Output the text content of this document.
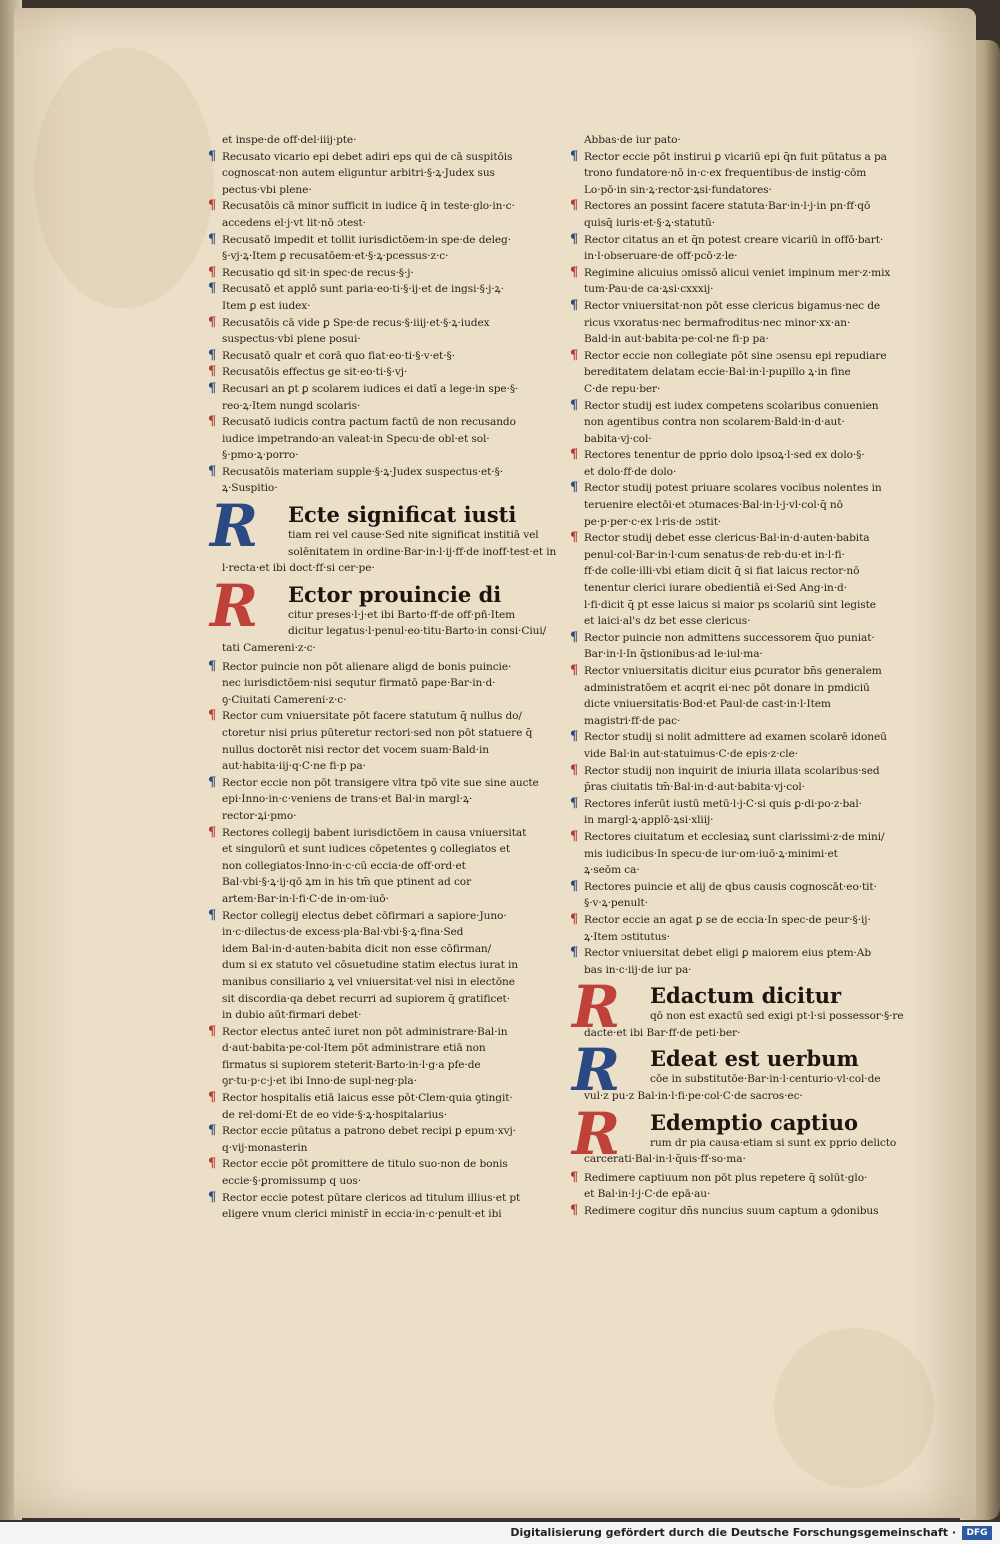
et inspe·de off·del·iiij·pte·
¶ Recusato vicario epi debet adiri eps qui de cā suspitōis
cognoscat·non autem eliguntur arbitri·§·ꝝ·Judex sus
pectus·vbi plene·
¶ Recusatōis cā minor sufficit in iudice q̄ in teste·glo·in·c·
accedens el·j·vt lit·nō ɔtest·
¶ Recusatō impedit et tollit iurisdictōem·in spe·de deleg·
§·vj·ꝝ·Item ꝑ recusatōem·et·§·ꝝ·pcessus·z·c·
¶ Recusatio qd sit·in spec·de recus·§·j·
¶ Recusatō et applō sunt paria·eo·ti·§·ij·et de ingsi·§·j·ꝝ·
Item ꝑ est iudex·
¶ Recusatōis cā vide ꝑ Spe·de recus·§·iiij·et·§·ꝝ·iudex
suspectus·vbi plene posui·
¶ Recusatō qualr et corā quo fiat·eo·ti·§·v·et·§·
¶ Recusatōis effectus ge sit·eo·ti·§·vj·
¶ Recusari an ꝑt ꝑ scolarem iudices ei datī a lege·in spe·§·
reo·ꝝ·Item nungd scolaris·
¶ Recusatō iudicis contra pactum factū de non recusando
iudice impetrando·an valeat·in Specu·de obl·et sol·
§·pmo·ꝝ·porro·
¶ Recusatōis materiam supple·§·ꝝ·Judex suspectus·et·§·
ꝝ·Suspitio·
R	Ecte significat iusti
tiam rei vel cause·Sed nite significat institiā vel
solēnitatem in ordine·Bar·in·l·ij·ff·de inoff·test·et in
l·recta·et ibi doct·ff·si cer·pe·
R	Ector prouincie di
citur preses·l·j·et ibi Barto·ff·de off·pñ·Item
dicitur legatus·l·penul·eo·titu·Barto·in consi·Ciui/
tati Camereni·z·c·
¶ Rector puincie non pōt alienare aligd de bonis puincie·
nec iurisdictōem·nisi sequtur firmatō pape·Bar·in·d·
ꝯ·Ciuitati Camereni·z·c·
¶ Rector cum vniuersitate pōt facere statutum q̄ nullus do/
ctoretur nisi prius pūteretur rectori·sed non pōt statuere q̄
nullus doctorēt nisi rector det vocem suam·Bald·in
aut·habita·iij·q·C·ne fi·p pa·
¶ Rector eccie non pōt transigere vltra tpō vite sue sine aucte
epi·Inno·in·c·veniens de trans·et Bal·in margl·ꝝ·
rector·ꝝi·pmo·
¶ Rectores collegij babent iurisdictōem in causa vniuersitat
et singulorū et sunt iudices cōpetentes ꝯ collegiatos et
non collegiatos·Inno·in·c·cū eccia·de off·ord·et
Bal·vbi·§·ꝝ·ij·qō ꝝm in his tm̄ que ptinent ad cor
artem·Bar·in·l·fi·C·de in·om·iuō·
¶ Rector collegij electus debet cōfirmari a sapiore·Juno·
in·c·dilectus·de excess·pla·Bal·vbi·§·ꝝ·fina·Sed
idem Bal·in·d·auten·babita dicit non esse cōfirman/
dum si ex statuto vel cōsuetudine statim electus iurat in
manibus consiliario ꝝ vel vniuersitat·vel nisi in electōne
sit discordia·qa debet recurri ad supiorem q̄ gratificet·
in dubio aūt·firmari debet·
¶ Rector electus antec̄ iuret non pōt administrare·Bal·in
d·aut·babita·pe·col·Item pōt administrare etiā non
firmatus si supiorem steterit·Barto·in·l·g·a pfe·de
ꝯr·tu·p·c·j·et ibi Inno·de supl·neg·pla·
¶ Rector hospitalis etiā laicus esse pōt·Clem·quia ꝯtingit·
de rel·domi·Et de eo vide·§·ꝝ·hospitalarius·
¶ Rector eccie pūtatus a patrono debet recipi ꝑ epum·xvj·
q·vij·monasterin
¶ Rector eccie pōt ꝑromittere de titulo suo·non de bonis
eccie·§·ꝑromissump q uos·
¶ Rector eccie potest pūtare clericos ad titulum illius·et pt
eligere vnum clerici ministr̄ in eccia·in·c·penult·et ibi
Abbas·de iur pato·
¶ Rector eccie pōt instirui ꝑ vicariū epi q̄n fuit pūtatus a pa
trono fundatore·nō in·c·ex frequentibus·de instig·cōm
Lo·pō·in sin·ꝝ·rector·ꝝsi·fundatores·
¶ Rectores an possint facere statuta·Bar·in·l·j·in pn·ff·qō
quisq̄ iuris·et·§·ꝝ·statutū·
¶ Rector citatus an et q̄n potest creare vicariū in offō·bart·
in·l·obseruare·de off·pcō·z·le·
¶ Regimine alicuius ɔmissō alicui veniet impinum mer·z·mix
tum·Pau·de ca·ꝝsi·cxxxij·
¶ Rector vniuersitat·non pōt esse clericus bigamus·nec de
ricus vxoratus·nec bermafroditus·nec minor·xx·an·
Bald·in aut·babita·pe·col·ne fi·p pa·
¶ Rector eccie non collegiate pōt sine ɔsensu epi repudiare
bereditatem delatam eccie·Bal·in·l·pupillo ꝝ·in fine
C·de repu·ber·
¶ Rector studij est iudex competens scolaribus conuenien
non agentibus contra non scolarem·Bald·in·d·aut·
babita·vj·col·
¶ Rectores tenentur de pprio dolo ipsoꝝ·l·sed ex dolo·§·
et dolo·ff·de dolo·
¶ Rector studij potest priuare scolares vocibus nolentes in
teruenire electōi·et ɔtumaces·Bal·in·l·j·vl·col·q̄ nō
pe·p·per·c·ex l·ris·de ɔstit·
¶ Rector studij debet esse clericus·Bal·in·d·auten·babita
penul·col·Bar·in·l·cum senatus·de reb·du·et in·l·fi·
ff·de colle·illi·vbi etiam dicit q̄ si fiat laicus rector·nō
tenentur clerici iurare obedientiā ei·Sed Ang·in·d·
l·fi·dicit q̄ pt esse laicus si maior ps scolariū sint legiste
et laici·al's dz bet esse clericus·
¶ Rector puincie non admittens successorem q̄uo puniat·
Bar·in·l·In q̄stionibus·ad le·iul·ma·
¶ Rector vniuersitatis dicitur eius ꝑcurator bn̄s generalem
administratōem et acqrit ei·nec pōt donare in pmdiciū
dicte vniuersitatis·Bod·et Paul·de cast·in·l·Item
magistri·ff·de pac·
¶ Rector studij si nolit admittere ad examen scolarē idoneū
vide Bal·in aut·statuimus·C·de epis·z·cle·
¶ Rector studij non inquirit de iniuria illata scolaribus·sed
p̄ras ciuitatis tm̄·Bal·in·d·aut·babita·vj·col·
¶ Rectores inferūt iustū metū·l·j·C·si quis ꝑ·di·po·z·bal·
in margl·ꝝ·applō·ꝝsi·xliij·
¶ Rectores ciuitatum et ecclesiaꝝ sunt clarissimi·z·de mini/
mis iudicibus·In specu·de iur·om·iuō·ꝝ·minimi·et
ꝝ·seōm ca·
¶ Rectores puincie et alij de qbus causis cognoscāt·eo·tit·
§·v·ꝝ·penult·
¶ Rector eccie an agat ꝑ se de eccia·In spec·de peur·§·ij·
ꝝ·Item ɔstitutus·
¶ Rector vniuersitat debet eligi ꝑ maiorem eius ptem·Ab
bas in·c·iij·de iur pa·
R	Edactum dicitur
qō non est exactū sed exigi pt·l·si possessor·§·re
dacte·et ibi Bar·ff·de peti·ber·
R	Edeat est uerbum
cōe in substitutōe·Bar·in·l·centurio·vl·col·de
vul·z pu·z Bal·in·l·fi·pe·col·C·de sacros·ec·
R	Edemptio captiuo
rum dr pia causa·etiam si sunt ex pprio delicto
carcerati·Bal·in·l·q̄uis·ff·so·ma·
¶ Redimere captiuum non pōt plus repetere q̄ solūt·glo·
et Bal·in·l·j·C·de epā·au·
¶ Redimere cogitur dn̄s nuncius suum captum a ꝯdonibus
Digitalisierung gefördert durch die Deutsche Forschungsgemeinschaft ·	DFG
